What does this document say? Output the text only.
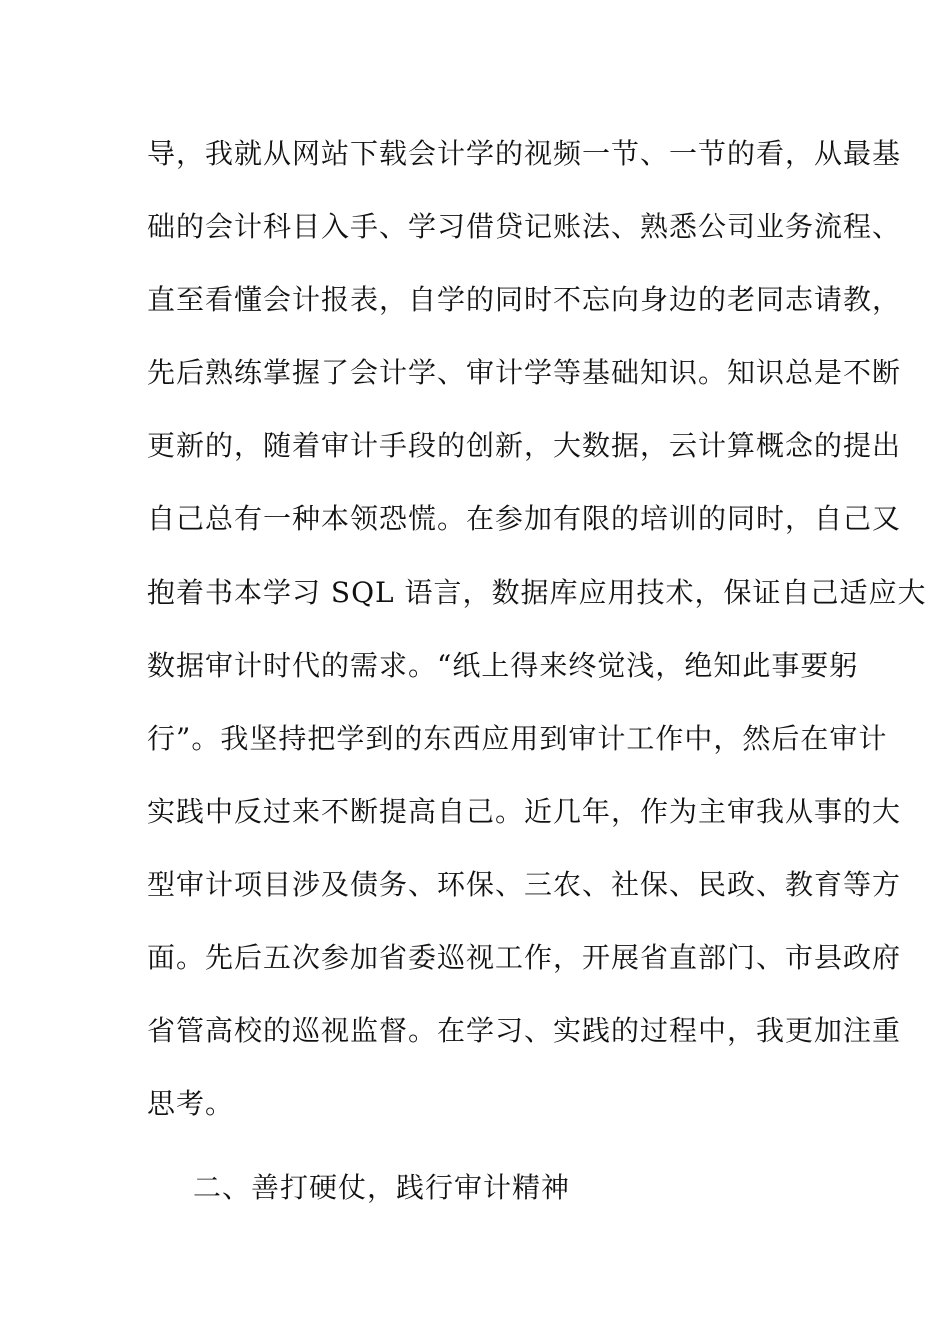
导，我就从网站下载会计学的视频一节、一节的看，从最基
础的会计科目入手、学习借贷记账法、熟悉公司业务流程、
直至看懂会计报表，自学的同时不忘向身边的老同志请教，
先后熟练掌握了会计学、审计学等基础知识。知识总是不断
更新的，随着审计手段的创新，大数据，云计算概念的提出
自己总有一种本领恐慌。在参加有限的培训的同时，自己又
抱着书本学习 SQL 语言，数据库应用技术，保证自己适应大
数据审计时代的需求。“纸上得来终觉浅，绝知此事要躬
行”。我坚持把学到的东西应用到审计工作中，然后在审计
实践中反过来不断提高自己。近几年，作为主审我从事的大
型审计项目涉及债务、环保、三农、社保、民政、教育等方
面。先后五次参加省委巡视工作，开展省直部门、市县政府
省管高校的巡视监督。在学习、实践的过程中，我更加注重
思考。
二、善打硬仗，践行审计精神
